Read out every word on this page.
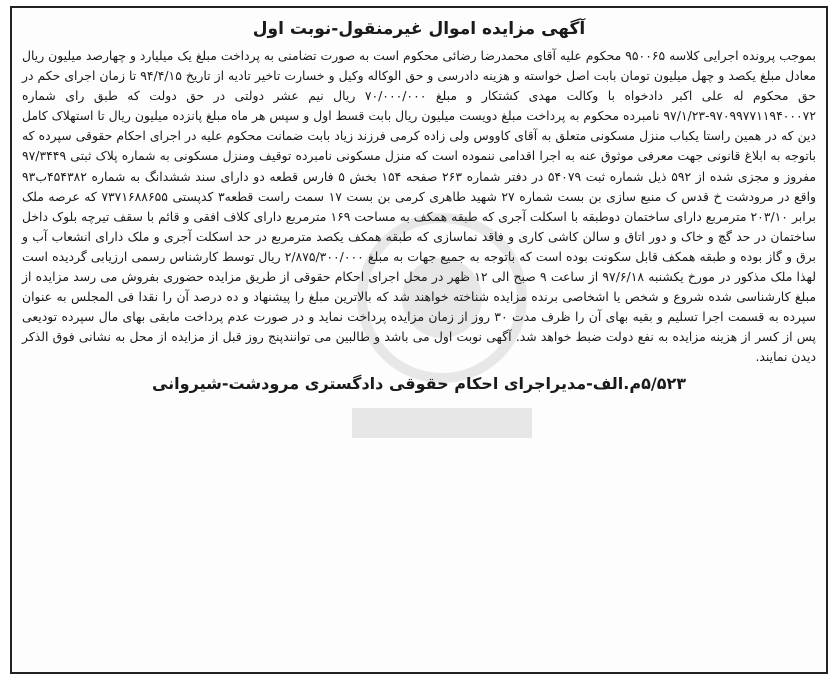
آگهی مزایده اموال غیرمنقول-نوبت اول

بموجب پرونده اجرایی کلاسه ۹۵۰۰۶۵ محکوم علیه آقای محمدرضا رضائی محکوم است به صورت تضامنی به پرداخت مبلغ یک میلیارد و چهارصد میلیون ریال معادل مبلغ یکصد و چهل میلیون تومان بابت اصل خواسته و هزینه دادرسی و حق الوکاله وکیل و خسارت تاخیر تادیه از تاریخ ۹۴/۴/۱۵ تا زمان اجرای حکم در حق محکوم له علی اکبر دادخواه با وکالت مهدی کشتکار و مبلغ ۷۰/۰۰۰/۰۰۰ ریال نیم عشر دولتی در حق دولت که طبق رای شماره ۹۷۰۹۹۷۷۱۱۹۴۰۰۰۷۲-۹۷/۱/۲۳ نامبرده محکوم به پرداخت مبلغ دویست میلیون ریال بابت قسط اول و سپس هر ماه مبلغ پانزده میلیون ریال تا استهلاک کامل دین که در همین راستا یکباب منزل مسکونی متعلق به آقای کاووس ولی زاده کرمی فرزند زیاد بابت ضمانت محکوم علیه در اجرای احکام حقوقی سپرده که باتوجه به ابلاغ قانونی جهت معرفی موثوق عنه به اجرا اقدامی ننموده است که منزل مسکونی نامبرده توقیف ومنزل مسکونی به شماره پلاک ثبتی ۹۷/۳۴۴۹ مفروز و مجزی شده از ۵۹۲ ذیل شماره ثبت ۵۴۰۷۹ در دفتر شماره ۲۶۳ صفحه ۱۵۴ بخش ۵ فارس قطعه دو دارای سند ششدانگ به شماره ۴۵۴۳۸۲ب۹۳ واقع در مرودشت خ قدس ک منبع سازی بن بست شماره ۲۷ شهید طاهری کرمی بن بست ۱۷ سمت راست قطعه۳ کدپستی ۷۳۷۱۶۸۸۶۵۵ که عرصه ملک برابر ۲۰۳/۱۰ مترمربع دارای ساختمان دوطبقه با اسکلت آجری که طبقه همکف به مساحت ۱۶۹ مترمربع دارای کلاف افقی و قائم با سقف تیرچه بلوک داخل ساختمان در حد گچ و خاک و دور اتاق و سالن کاشی کاری و فاقد نماسازی که طبقه همکف یکصد مترمربع در حد اسکلت آجری و ملک دارای انشعاب آب و برق و گاز بوده و طبقه همکف قابل سکونت بوده است که باتوجه به جمیع جهات به مبلغ ۲/۸۷۵/۳۰۰/۰۰۰ ریال توسط کارشناس رسمی ارزیابی گردیده است لهذا ملک مذکور در مورخ یکشنبه ۹۷/۶/۱۸ از ساعت ۹ صبح الی ۱۲ ظهر در محل اجرای احکام حقوقی از طریق مزایده حضوری بفروش می رسد مزایده از مبلغ کارشناسی شده شروع و شخص یا اشخاصی برنده مزایده شناخته خواهند شد که بالاترین مبلغ را پیشنهاد و ده درصد آن را نقدا فی المجلس به عنوان سپرده به قسمت اجرا تسلیم و بقیه بهای آن را ظرف مدت ۳۰ روز از زمان مزایده پرداخت نماید و در صورت عدم پرداخت مابقی بهای مال سپرده تودیعی پس از کسر از هزینه مزایده به نفع دولت ضبط خواهد شد. آگهی نوبت اول می باشد و طالبین می توانندپنج روز قبل از مزایده از محل به نشانی فوق الذکر دیدن نمایند.

۵/۵۲۳م.الف-مدیراجرای احکام حقوقی دادگستری مرودشت-شیروانی
